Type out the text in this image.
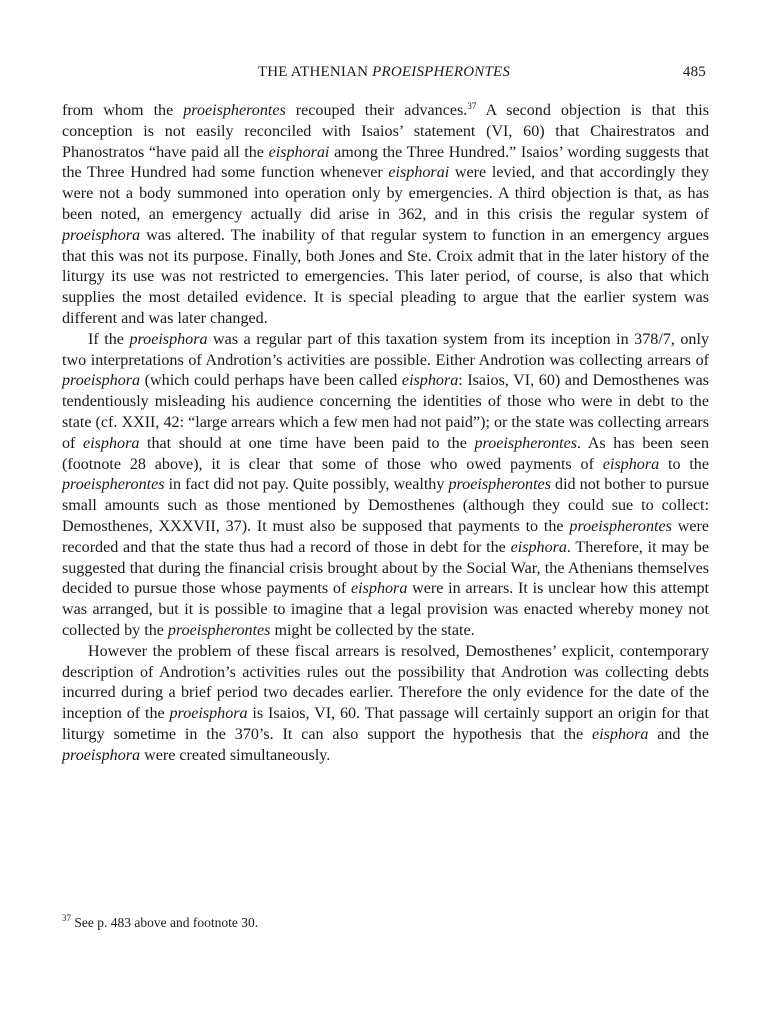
THE ATHENIAN PROEISPHERONTES	485

from whom the proeispherontes recouped their advances.$^{37}$ A second objection is that this conception is not easily reconciled with Isaios’ statement (VI, 60) that Chairestratos and Phanostratos “have paid all the eisphorai among the Three Hundred.” Isaios’ wording suggests that the Three Hundred had some function whenever eisphorai were levied, and that accordingly they were not a body summoned into operation only by emergencies. A third objection is that, as has been noted, an emergency actually did arise in 362, and in this crisis the regular system of proeisphora was altered. The inability of that regular system to function in an emergency argues that this was not its purpose. Finally, both Jones and Ste. Croix admit that in the later history of the liturgy its use was not restricted to emergencies. This later period, of course, is also that which supplies the most detailed evidence. It is special pleading to argue that the earlier system was different and was later changed.

If the proeisphora was a regular part of this taxation system from its inception in 378/7, only two interpretations of Androtion’s activities are possible. Either Androtion was collecting arrears of proeisphora (which could perhaps have been called eisphora: Isaios, VI, 60) and Demosthenes was tendentiously misleading his audience concerning the identities of those who were in debt to the state (cf. XXII, 42: “large arrears which a few men had not paid”); or the state was collecting arrears of eisphora that should at one time have been paid to the proeispherontes. As has been seen (footnote 28 above), it is clear that some of those who owed payments of eisphora to the proeispherontes in fact did not pay. Quite possibly, wealthy proeispherontes did not bother to pursue small amounts such as those mentioned by Demosthenes (although they could sue to collect: Demosthenes, XXXVII, 37). It must also be supposed that payments to the proeispherontes were recorded and that the state thus had a record of those in debt for the eisphora. Therefore, it may be suggested that during the financial crisis brought about by the Social War, the Athenians themselves decided to pursue those whose payments of eisphora were in arrears. It is unclear how this attempt was arranged, but it is possible to imagine that a legal provision was enacted whereby money not collected by the proeispherontes might be collected by the state.

However the problem of these fiscal arrears is resolved, Demosthenes’ explicit, contemporary description of Androtion’s activities rules out the possibility that Androtion was collecting debts incurred during a brief period two decades earlier. Therefore the only evidence for the date of the inception of the proeisphora is Isaios, VI, 60. That passage will certainly support an origin for that liturgy sometime in the 370’s. It can also support the hypothesis that the eisphora and the proeisphora were created simultaneously.

$^{37}$ See p. 483 above and footnote 30.
